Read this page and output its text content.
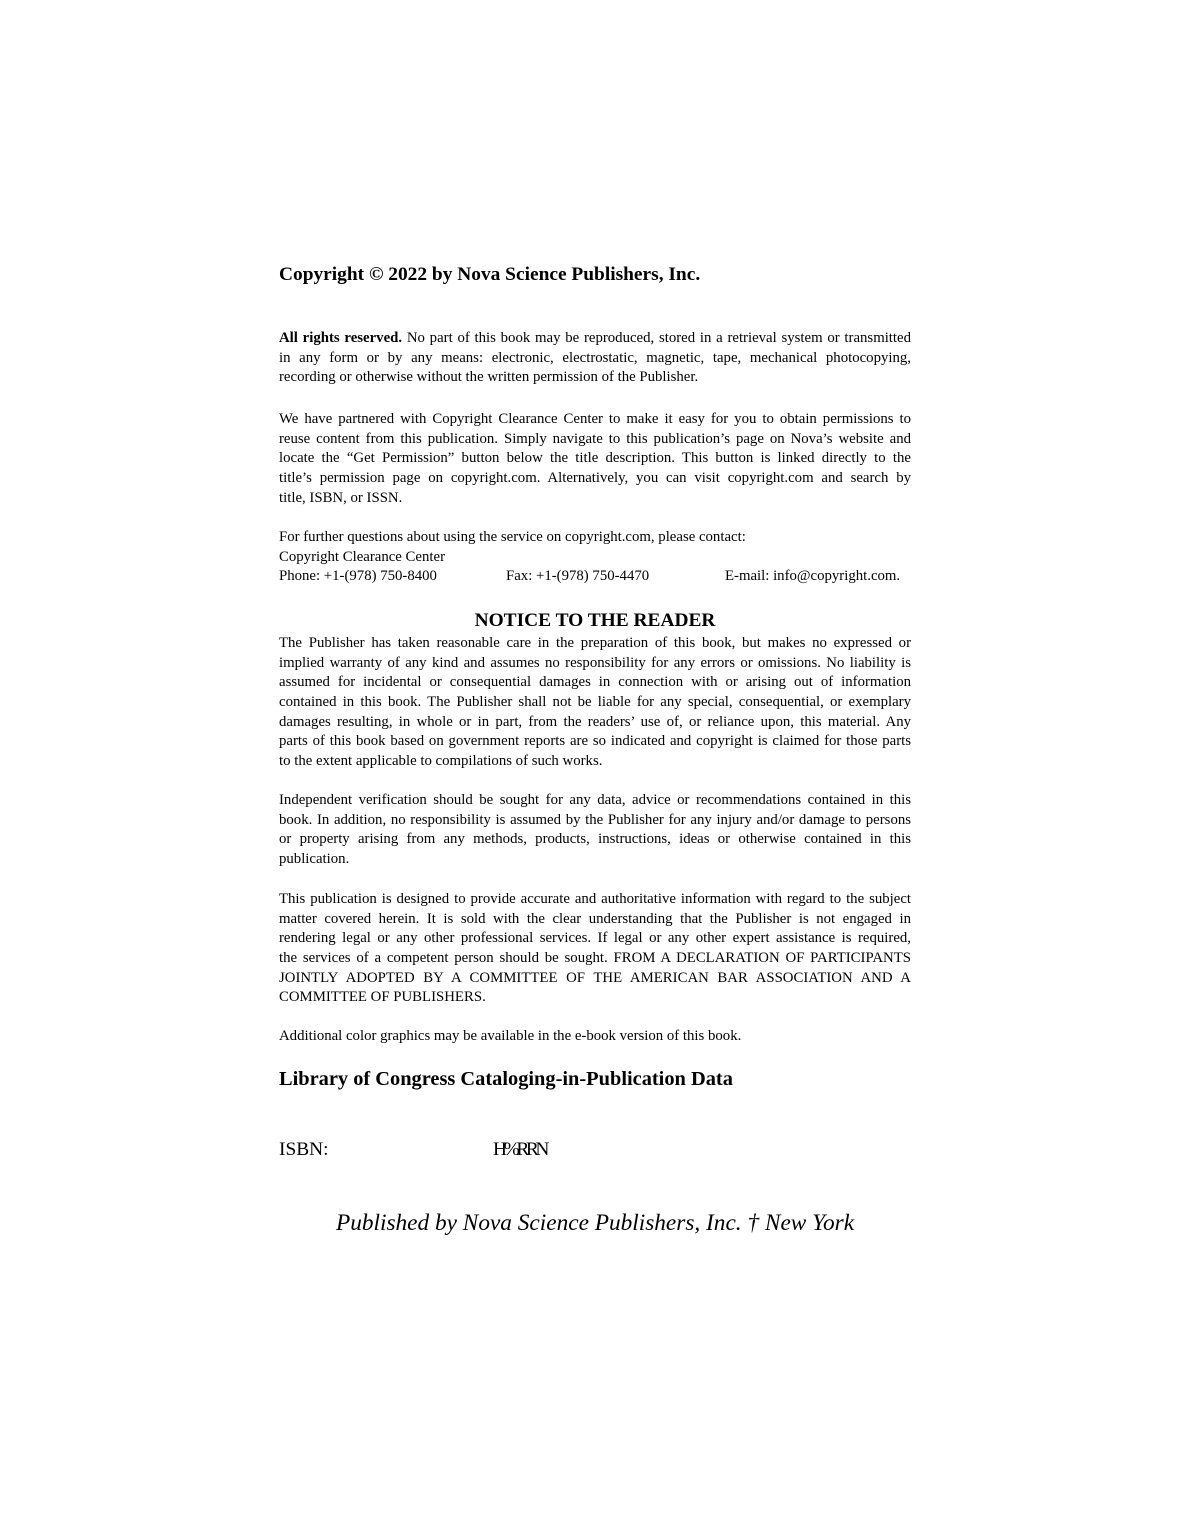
Copyright © 2022 by Nova Science Publishers, Inc.
All rights reserved. No part of this book may be reproduced, stored in a retrieval system or transmitted
in any form or by any means: electronic, electrostatic, magnetic, tape, mechanical photocopying,
recording or otherwise without the written permission of the Publisher.
We have partnered with Copyright Clearance Center to make it easy for you to obtain permissions to
reuse content from this publication. Simply navigate to this publication’s page on Nova’s website and
locate the “Get Permission” button below the title description. This button is linked directly to the
title’s permission page on copyright.com. Alternatively, you can visit copyright.com and search by
title, ISBN, or ISSN.
For further questions about using the service on copyright.com, please contact:
Copyright Clearance Center
Phone: +1-(978) 750-8400	Fax: +1-(978) 750-4470	E-mail: info@copyright.com.
NOTICE TO THE READER
The Publisher has taken reasonable care in the preparation of this book, but makes no expressed or
implied warranty of any kind and assumes no responsibility for any errors or omissions. No liability is
assumed for incidental or consequential damages in connection with or arising out of information
contained in this book. The Publisher shall not be liable for any special, consequential, or exemplary
damages resulting, in whole or in part, from the readers’ use of, or reliance upon, this material. Any
parts of this book based on government reports are so indicated and copyright is claimed for those parts
to the extent applicable to compilations of such works.
Independent verification should be sought for any data, advice or recommendations contained in this
book. In addition, no responsibility is assumed by the Publisher for any injury and/or damage to persons
or property arising from any methods, products, instructions, ideas or otherwise contained in this
publication.
This publication is designed to provide accurate and authoritative information with regard to the subject
matter covered herein. It is sold with the clear understanding that the Publisher is not engaged in
rendering legal or any other professional services. If legal or any other expert assistance is required,
the services of a competent person should be sought. FROM A DECLARATION OF PARTICIPANTS
JOINTLY ADOPTED BY A COMMITTEE OF THE AMERICAN BAR ASSOCIATION AND A
COMMITTEE OF PUBLISHERS.
Additional color graphics may be available in the e-book version of this book.
Library of Congress Cataloging-in-Publication Data
ISBN:	H%RRN
Published by Nova Science Publishers, Inc. † New York
